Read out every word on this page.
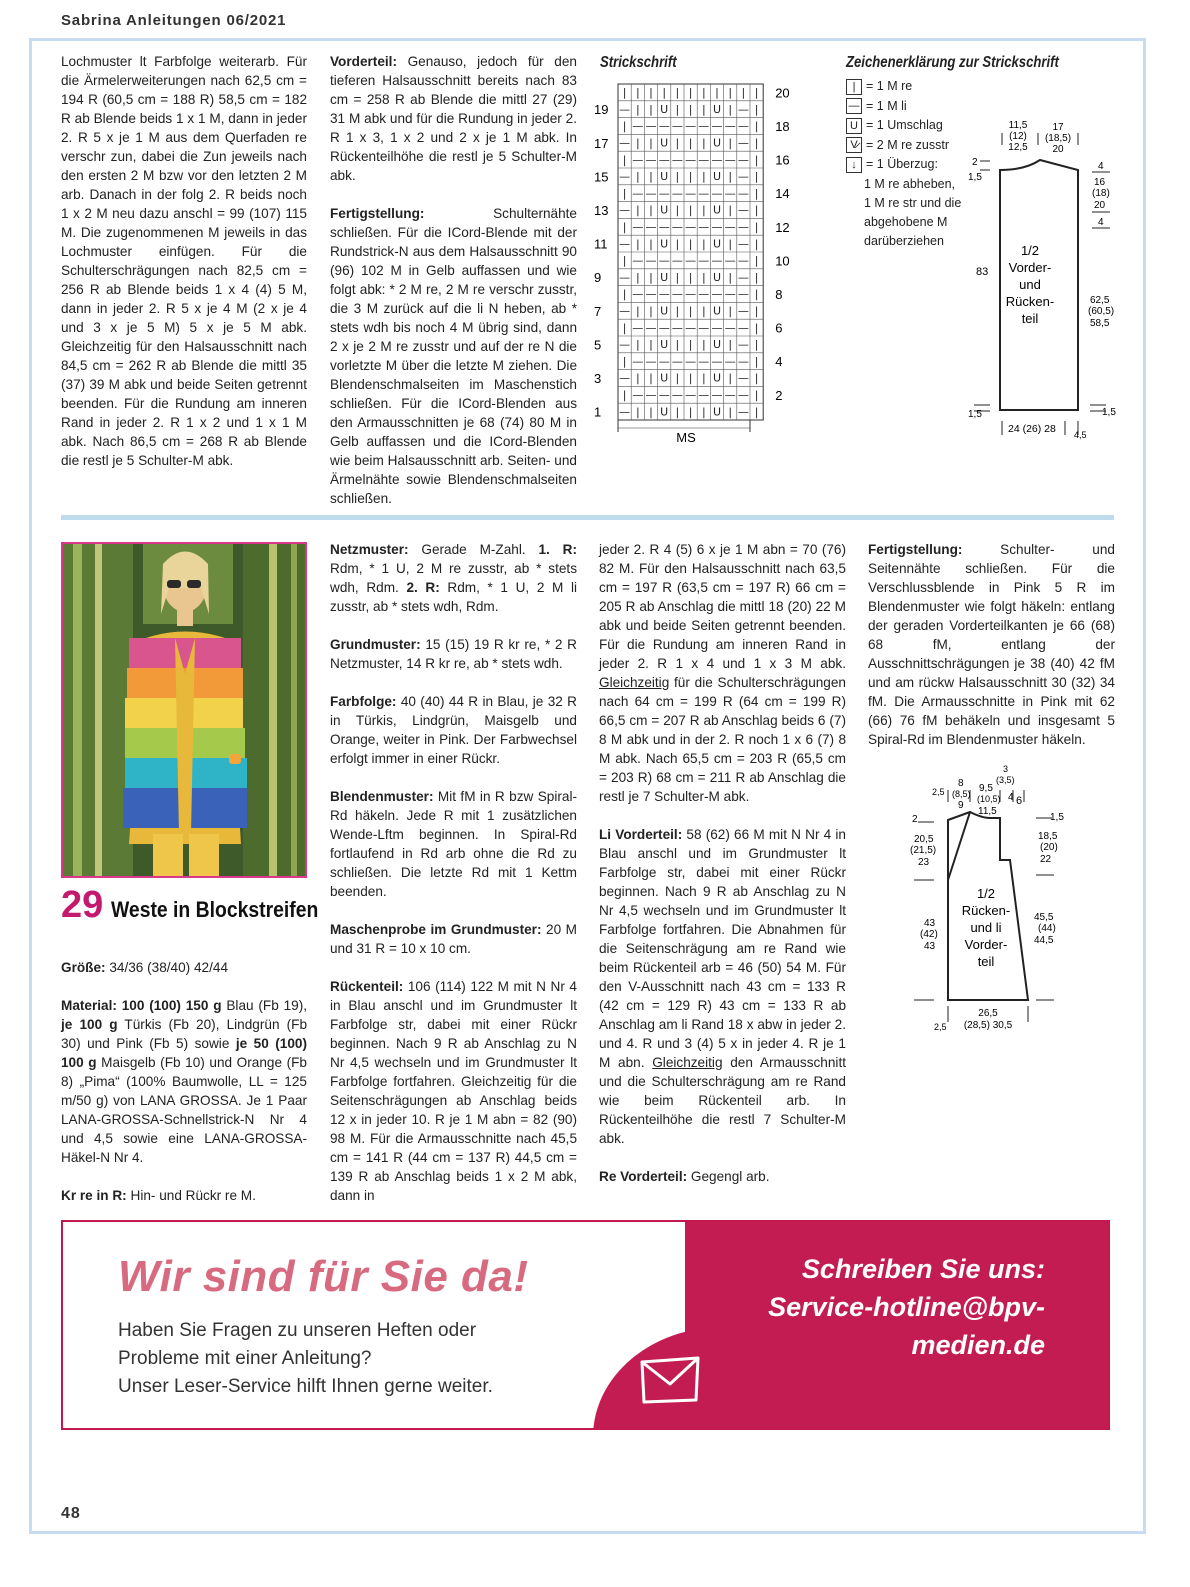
Sabrina Anleitungen 06/2021

Lochmuster lt Farbfolge weiterarb. Für die Ärmelerweiterungen nach 62,5 cm = 194 R (60,5 cm = 188 R) 58,5 cm = 182 R ab Blende beids 1 x 1 M, dann in jeder 2. R 5 x je 1 M aus dem Querfaden re verschr zun, dabei die Zun jeweils nach den ersten 2 M bzw vor den letzten 2 M arb. Danach in der folg 2. R beids noch 1 x 2 M neu dazu anschl = 99 (107) 115 M. Die zugenommenen M jeweils in das Lochmuster einfügen. Für die Schulterschrägungen nach 82,5 cm = 256 R ab Blende beids 1 x 4 (4) 5 M, dann in jeder 2. R 5 x je 4 M (2 x je 4 und 3 x je 5 M) 5 x je 5 M abk. Gleichzeitig für den Halsausschnitt nach 84,5 cm = 262 R ab Blende die mittl 35 (37) 39 M abk und beide Seiten getrennt beenden. Für die Rundung am inneren Rand in jeder 2. R 1 x 2 und 1 x 1 M abk. Nach 86,5 cm = 268 R ab Blende die restl je 5 Schulter-M abk.

Vorderteil: Genauso, jedoch für den tieferen Halsausschnitt bereits nach 83 cm = 258 R ab Blende die mittl 27 (29) 31 M abk und für die Rundung in jeder 2. R 1 x 3, 1 x 2 und 2 x je 1 M abk. In Rückenteilhöhe die restl je 5 Schulter-M abk.

Fertigstellung: Schulternähte schließen. Für die ICord-Blende mit der Rundstrick-N aus dem Halsausschnitt 90 (96) 102 M in Gelb auffassen und wie folgt abk: * 2 M re, 2 M re verschr zusstr, die 3 M zurück auf die li N heben, ab * stets wdh bis noch 4 M übrig sind, dann 2 x je 2 M re zusstr und auf der re N die vorletzte M über die letzte M ziehen. Die Blendenschmalseiten im Maschenstich schließen. Für die ICord-Blenden aus den Armausschnitten je 68 (74) 80 M in Gelb auffassen und die ICord-Blenden wie beim Halsausschnitt arb. Seiten- und Ärmelnähte sowie Blendenschmalseiten schließen.

Strickschrift
| | | | | | | | | | |
— | | U | | | U | — |
| — — — — — — — — — |
— | | U | | | U | — |
| — — — — — — — — — |
— | | U | | | U | — |
| — — — — — — — — — |
— | | U | | | U | — |
| — — — — — — — — — |
— | | U | | | U | — |
| — — — — — — — — — |
— | | U | | | U | — |
| — — — — — — — — — |
— | | U | | | U | — |
| — — — — — — — — — |
— | | U | | | U | — |
| — — — — — — — — — |
— | | U | | | U | — |
| — — — — — — — — — |
— | | U | | | U | — |
19
17
15
13
11
9
7
5
3
1
20
18
16
14
12
10
8
6
4
2
MS
Zeichenerklärung zur Strickschrift
| = 1 M re
— = 1 M li
U = 1 Umschlag
V̷ = 2 M re zusstr
↓ = 1 Überzug:
1 M re abheben,
1 M re str und die
abgehobene M
darüberziehen
1/2
Vorder-
und
Rücken-
teil
11,5
(12)
12,5
17
(18,5)
20
2
1,5
4
16
(18)
20
4
83
62,5
(60,5)
58,5
1,5	1,5
24 (26) 28 4,5
29 Weste in Blockstreifen

Größe: 34/36 (38/40) 42/44

Material: 100 (100) 150 g Blau (Fb 19), je 100 g Türkis (Fb 20), Lindgrün (Fb 30) und Pink (Fb 5) sowie je 50 (100) 100 g Maisgelb (Fb 10) und Orange (Fb 8) „Pima“ (100% Baumwolle, LL = 125 m/50 g) von LANA GROSSA. Je 1 Paar LANA-GROSSA-Schnellstrick-N Nr 4 und 4,5 sowie eine LANA-GROSSA-Häkel-N Nr 4.

Kr re in R: Hin- und Rückr re M.

Netzmuster: Gerade M-Zahl. 1. R: Rdm, * 1 U, 2 M re zusstr, ab * stets wdh, Rdm. 2. R: Rdm, * 1 U, 2 M li zusstr, ab * stets wdh, Rdm.

Grundmuster: 15 (15) 19 R kr re, * 2 R Netzmuster, 14 R kr re, ab * stets wdh.

Farbfolge: 40 (40) 44 R in Blau, je 32 R in Türkis, Lindgrün, Maisgelb und Orange, weiter in Pink. Der Farbwechsel erfolgt immer in einer Rückr.

Blendenmuster: Mit fM in R bzw Spiral-Rd häkeln. Jede R mit 1 zusätzlichen Wende-Lftm beginnen. In Spiral-Rd fortlaufend in Rd arb ohne die Rd zu schließen. Die letzte Rd mit 1 Kettm beenden.

Maschenprobe im Grundmuster: 20 M und 31 R = 10 x 10 cm.

Rückenteil: 106 (114) 122 M mit N Nr 4 in Blau anschl und im Grundmuster lt Farbfolge str, dabei mit einer Rückr beginnen. Nach 9 R ab Anschlag zu N Nr 4,5 wechseln und im Grundmuster lt Farbfolge fortfahren. Gleichzeitig für die Seitenschrägungen ab Anschlag beids 12 x in jeder 10. R je 1 M abn = 82 (90) 98 M. Für die Armausschnitte nach 45,5 cm = 141 R (44 cm = 137 R) 44,5 cm = 139 R ab Anschlag beids 1 x 2 M abk, dann in

jeder 2. R 4 (5) 6 x je 1 M abn = 70 (76) 82 M. Für den Halsausschnitt nach 63,5 cm = 197 R (63,5 cm = 197 R) 66 cm = 205 R ab Anschlag die mittl 18 (20) 22 M abk und beide Seiten getrennt beenden. Für die Rundung am inneren Rand in jeder 2. R 1 x 4 und 1 x 3 M abk. Gleichzeitig für die Schulterschrägungen nach 64 cm = 199 R (64 cm = 199 R) 66,5 cm = 207 R ab Anschlag beids 6 (7) 8 M abk und in der 2. R noch 1 x 6 (7) 8 M abk. Nach 65,5 cm = 203 R (65,5 cm = 203 R) 68 cm = 211 R ab Anschlag die restl je 7 Schulter-M abk.

Li Vorderteil: 58 (62) 66 M mit N Nr 4 in Blau anschl und im Grundmuster lt Farbfolge str, dabei mit einer Rückr beginnen. Nach 9 R ab Anschlag zu N Nr 4,5 wechseln und im Grundmuster lt Farbfolge fortfahren. Die Abnahmen für die Seitenschrägung am re Rand wie beim Rückenteil arb = 46 (50) 54 M. Für den V-Ausschnitt nach 43 cm = 133 R (42 cm = 129 R) 43 cm = 133 R ab Anschlag am li Rand 18 x abw in jeder 2. und 4. R und 3 (4) 5 x in jeder 4. R je 1 M abn. Gleichzeitig den Armausschnitt und die Schulterschrägung am re Rand wie beim Rückenteil arb. In Rückenteilhöhe die restl 7 Schulter-M abk.

Re Vorderteil: Gegengl arb.

Fertigstellung: Schulter- und Seitennähte schließen. Für die Verschlussblende in Pink 5 R im Blendenmuster wie folgt häkeln: entlang der geraden Vorderteilkanten je 66 (68) 68 fM, entlang der Ausschnittschrägungen je 38 (40) 42 fM und am rückw Halsausschnitt 30 (32) 34 fM. Die Armausschnitte in Pink mit 62 (66) 76 fM behäkeln und insgesamt 5 Spiral-Rd im Blendenmuster häkeln.

1/2
Rücken-
und li
Vorder-
teil
3
(3,5)
2,5
8
(8,5)
9
9,5
(10,5)
11,5
4 6
2	1,5
20,5
(21,5)
23
18,5
(20)
22
43
(42)
43
45,5
(44)
44,5
26,5
(28,5) 30,5
2,5
Wir sind für Sie da!
Haben Sie Fragen zu unseren Heften oder
Probleme mit einer Anleitung?
Unser Leser-Service hilft Ihnen gerne weiter.
Schreiben Sie uns:
Service-hotline@bpv-
medien.de
48
